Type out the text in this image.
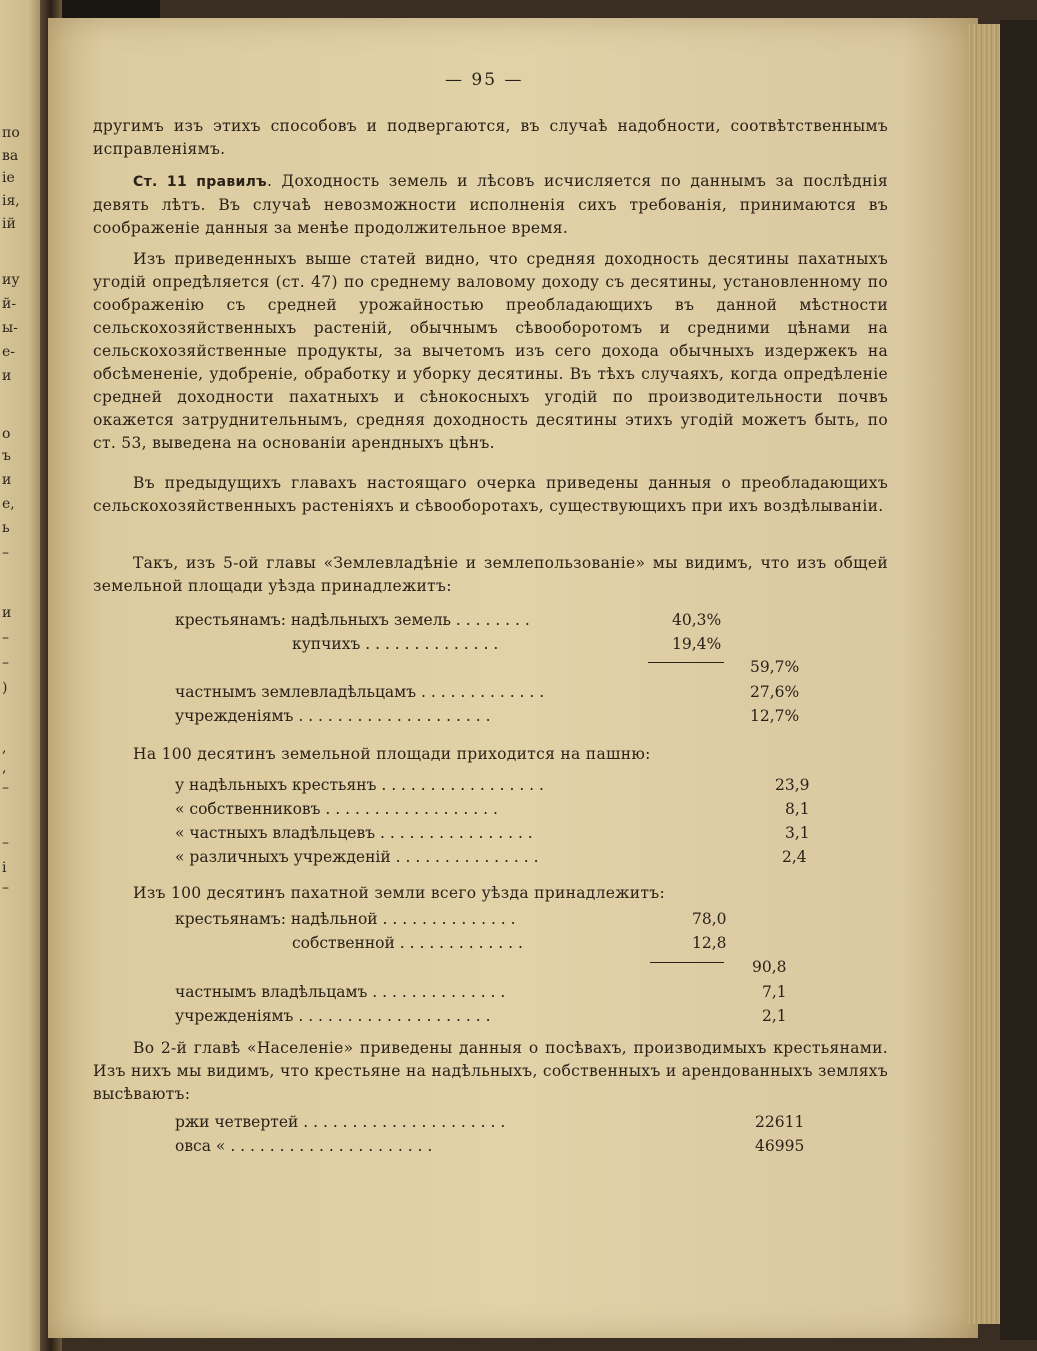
по
ва
іе
ія,
ій
иу
й-
ы-
е-
и
о
ъ
и
е,
ь
–
и
–
–
)
,
,
–
–
і
–
— 95 —

другимъ изъ этихъ способовъ и подвергаются, въ случаѣ надобности, соотвѣтственнымъ исправленіямъ.

Ст. 11 правилъ. Доходность земель и лѣсовъ исчисляется по даннымъ за послѣднія девять лѣтъ. Въ случаѣ невозможности исполненія сихъ требованія, принимаются въ соображеніе данныя за менѣе продолжительное время.

Изъ приведенныхъ выше статей видно, что средняя доходность десятины пахатныхъ угодій опредѣляется (ст. 47) по среднему валовому доходу съ десятины, установленному по соображенію съ средней урожайностью преобладающихъ въ данной мѣстности сельскохозяйственныхъ растеній, обычнымъ сѣвооборотомъ и средними цѣнами на сельскохозяйственные продукты, за вычетомъ изъ сего дохода обычныхъ издержекъ на обсѣмененіе, удобреніе, обработку и уборку десятины. Въ тѣхъ случаяхъ, когда опредѣленіе средней доходности пахатныхъ и сѣнокосныхъ угодій по производительности почвъ окажется затруднительнымъ, средняя доходность десятины этихъ угодій можетъ быть, по ст. 53, выведена на основаніи арендныхъ цѣнъ.

Въ предыдущихъ главахъ настоящаго очерка приведены данныя о преобладающихъ сельскохозяйственныхъ растеніяхъ и сѣвооборотахъ, существующихъ при ихъ воздѣлываніи.

Такъ, изъ 5-ой главы «Землевладѣніе и землепользованіе» мы видимъ, что изъ общей земельной площади уѣзда принадлежитъ:

На 100 десятинъ земельной площади приходится на пашню:

Изъ 100 десятинъ пахатной земли всего уѣзда принадлежитъ:

Во 2-й главѣ «Населеніе» приведены данныя о посѣвахъ, производимыхъ крестьянами. Изъ нихъ мы видимъ, что крестьяне на надѣльныхъ, собственныхъ и арендованныхъ земляхъ высѣваютъ:

крестьянамъ: надѣльныхъ земель . . . . . . . .	40,3%
купчихъ . . . . . . . . . . . . . .	19,4%
59,7%
частнымъ землевладѣльцамъ . . . . . . . . . . . . .	27,6%
учрежденіямъ . . . . . . . . . . . . . . . . . . . .	12,7%
у надѣльныхъ крестьянъ . . . . . . . . . . . . . . . . .	23,9
« собственниковъ . . . . . . . . . . . . . . . . . .	8,1
« частныхъ владѣльцевъ . . . . . . . . . . . . . . . .	3,1
« различныхъ учрежденій . . . . . . . . . . . . . . .	2,4
крестьянамъ: надѣльной . . . . . . . . . . . . . .	78,0
собственной . . . . . . . . . . . . .	12,8
90,8
частнымъ владѣльцамъ . . . . . . . . . . . . . .	7,1
учрежденіямъ . . . . . . . . . . . . . . . . . . . .	2,1
ржи четвертей . . . . . . . . . . . . . . . . . . . . .	22611
овса « . . . . . . . . . . . . . . . . . . . . .	46995
